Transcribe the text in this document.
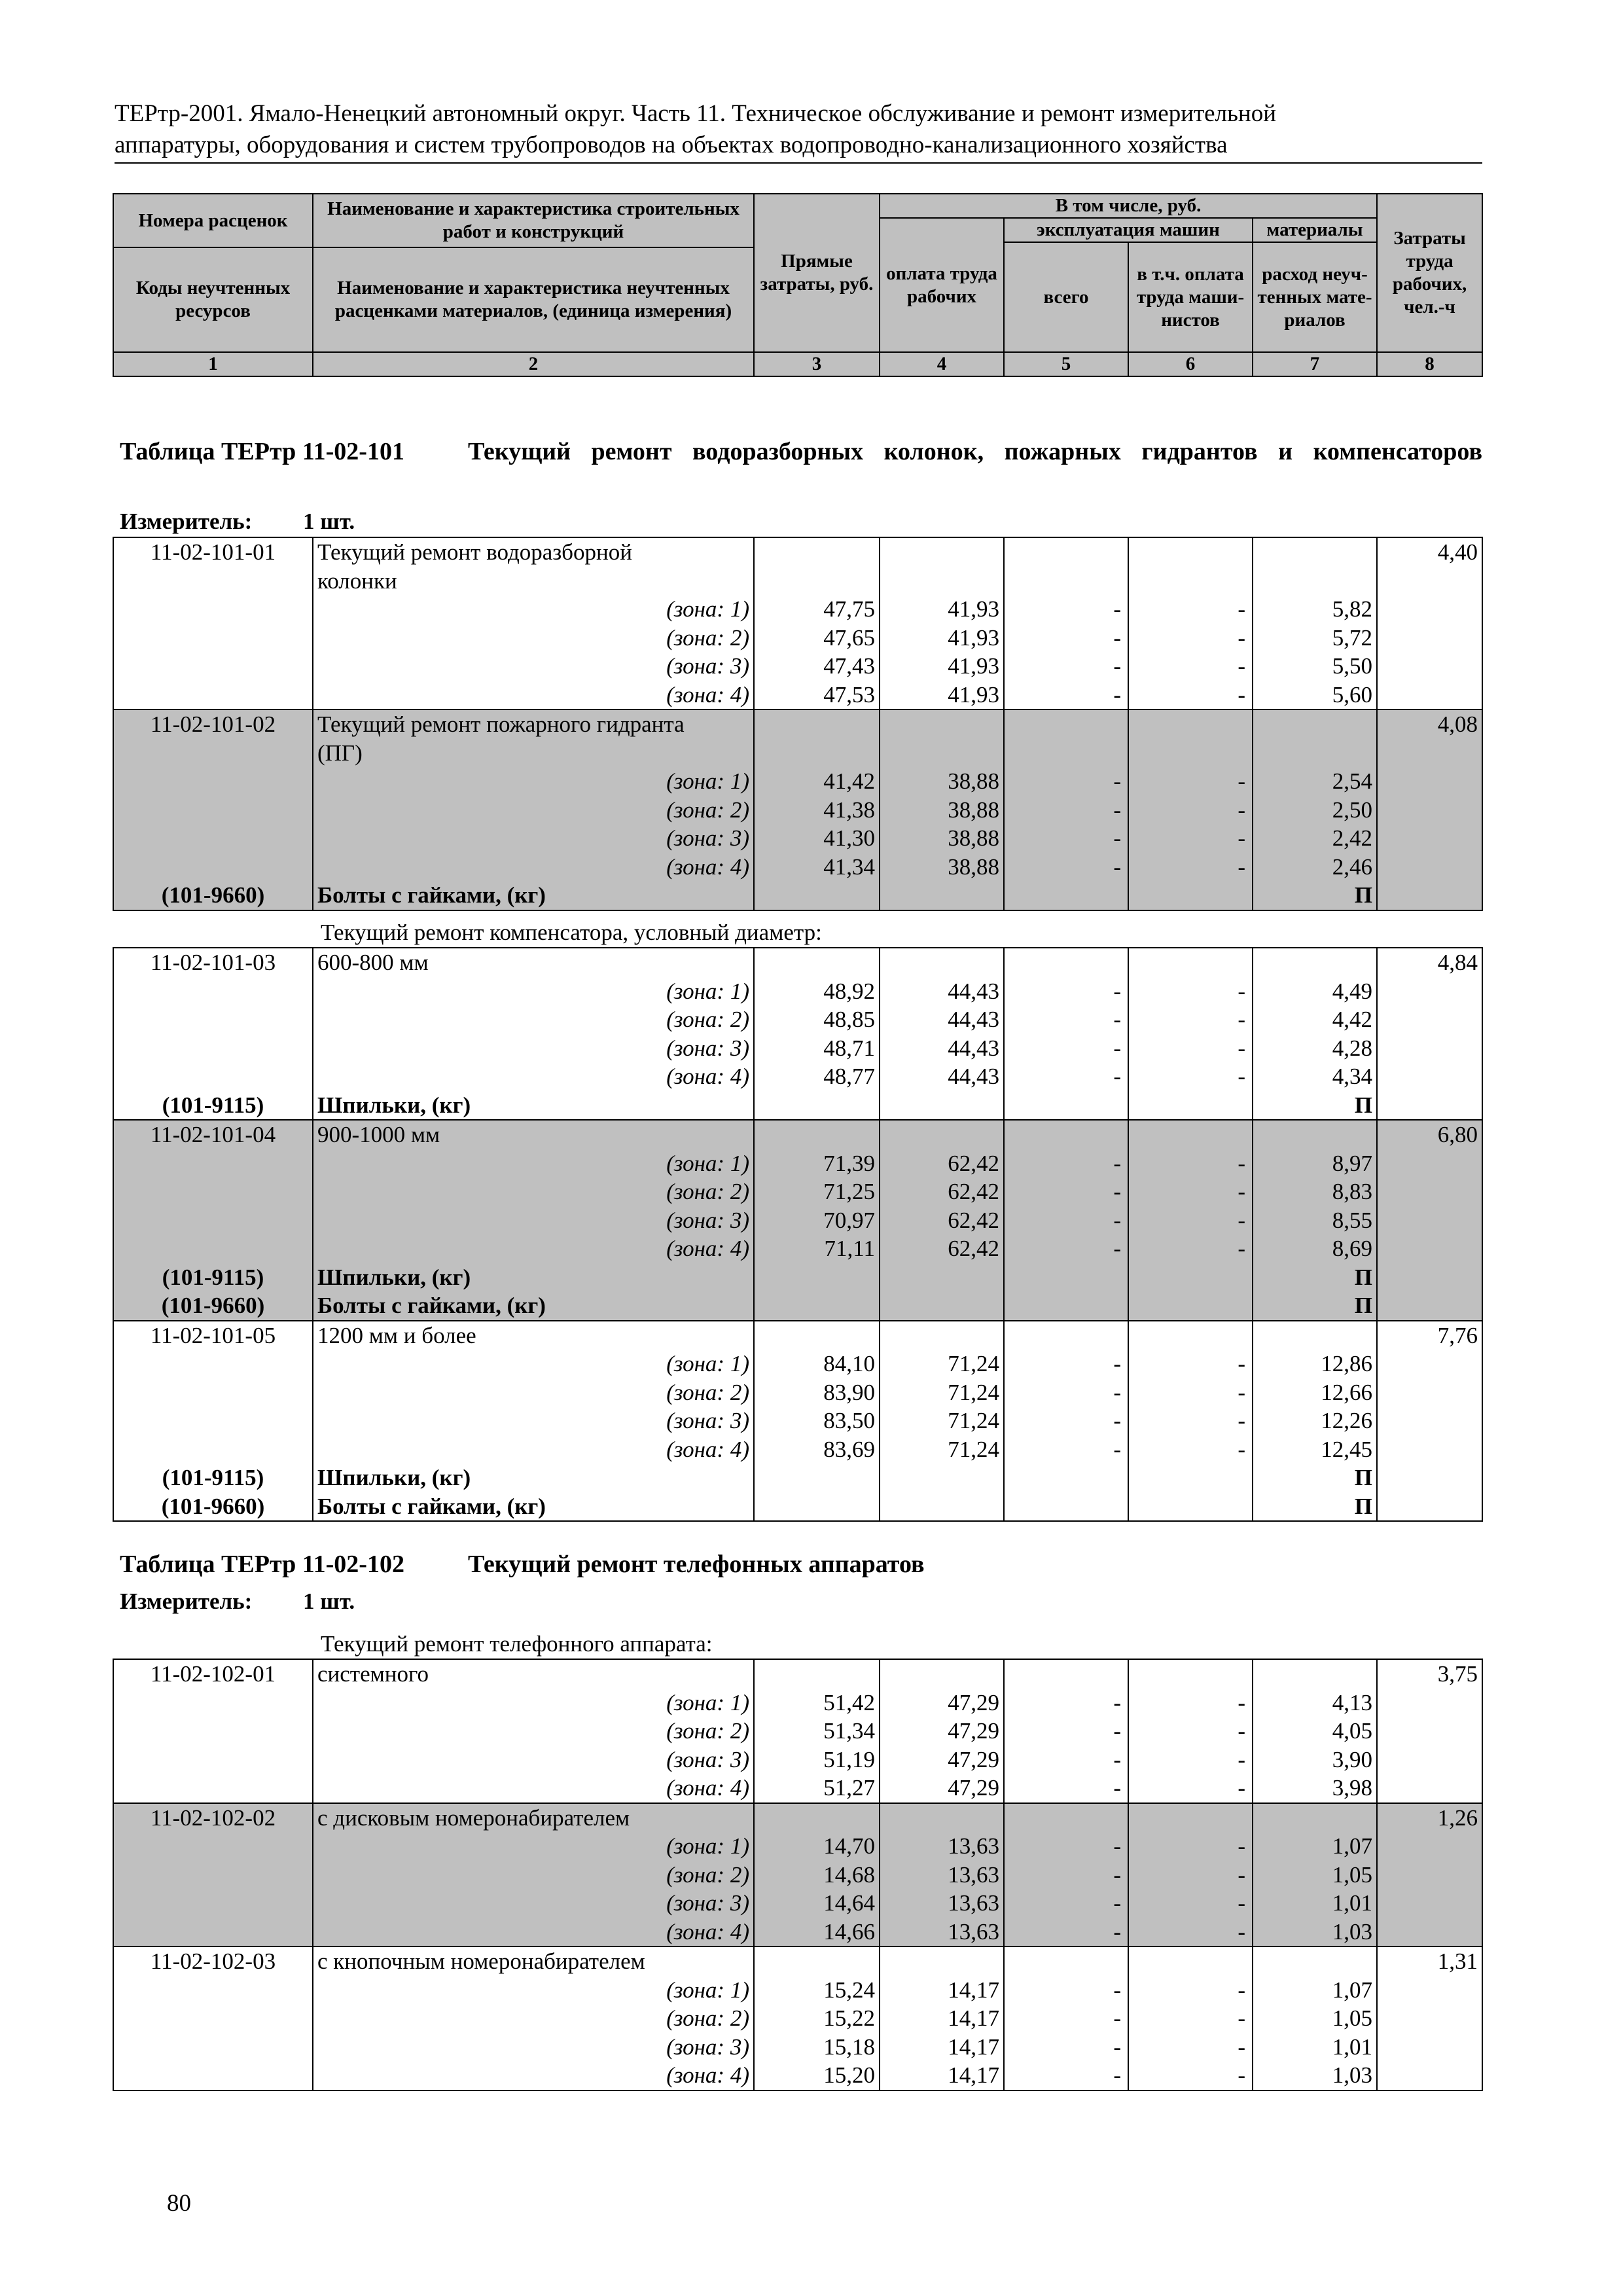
ТЕРтр-2001. Ямало-Ненецкий автономный округ. Часть 11. Техническое обслуживание и ремонт измерительной
аппаратуры, оборудования и систем трубопроводов на объектах водопроводно-канализационного хозяйства
Номера расценок	Наименование и характеристика строительных работ и конструкций	Прямые затраты, руб.	В том числе, руб.				Затраты труда рабочих, чел.-ч
			оплата труда рабочих	эксплуатация машин		материалы	
				всего	в т.ч. оплата труда маши-нистов	расход неуч-тенных мате-риалов	
Коды неучтенных ресурсов	Наименование и характеристика неучтенных расценками материалов, (единица измерения)						

1	2	3	4	5	6	7	8
Таблица ТЕРтр 11-02-101	Текущий ремонт водоразборных колонок, пожарных гидрантов и компенсаторов
Измеритель: 1 шт.
11-02-101-01	Текущий ремонт водоразборной						4,40
	колонки						
	(зона: 1)	47,75	41,93	-	-	5,82	
	(зона: 2)	47,65	41,93	-	-	5,72	
	(зона: 3)	47,43	41,93	-	-	5,50	
	(зона: 4)	47,53	41,93	-	-	5,60	
11-02-101-02	Текущий ремонт пожарного гидранта						4,08
	(ПГ)						
	(зона: 1)	41,42	38,88	-	-	2,54	
	(зона: 2)	41,38	38,88	-	-	2,50	
	(зона: 3)	41,30	38,88	-	-	2,42	
	(зона: 4)	41,34	38,88	-	-	2,46	
(101-9660)	Болты с гайками, (кг)					П	
Текущий ремонт компенсатора, условный диаметр:
11-02-101-03	600-800 мм						4,84
	(зона: 1)	48,92	44,43	-	-	4,49	
	(зона: 2)	48,85	44,43	-	-	4,42	
	(зона: 3)	48,71	44,43	-	-	4,28	
	(зона: 4)	48,77	44,43	-	-	4,34	
(101-9115)	Шпильки, (кг)					П	
11-02-101-04	900-1000 мм						6,80
	(зона: 1)	71,39	62,42	-	-	8,97	
	(зона: 2)	71,25	62,42	-	-	8,83	
	(зона: 3)	70,97	62,42	-	-	8,55	
	(зона: 4)	71,11	62,42	-	-	8,69	
(101-9115)	Шпильки, (кг)					П	
(101-9660)	Болты с гайками, (кг)					П	
11-02-101-05	1200 мм и более						7,76
	(зона: 1)	84,10	71,24	-	-	12,86	
	(зона: 2)	83,90	71,24	-	-	12,66	
	(зона: 3)	83,50	71,24	-	-	12,26	
	(зона: 4)	83,69	71,24	-	-	12,45	
(101-9115)	Шпильки, (кг)					П	
(101-9660)	Болты с гайками, (кг)					П	
Таблица ТЕРтр 11-02-102	Текущий ремонт телефонных аппаратов
Измеритель: 1 шт.
Текущий ремонт телефонного аппарата:
11-02-102-01	системного						3,75
	(зона: 1)	51,42	47,29	-	-	4,13	
	(зона: 2)	51,34	47,29	-	-	4,05	
	(зона: 3)	51,19	47,29	-	-	3,90	
	(зона: 4)	51,27	47,29	-	-	3,98	
11-02-102-02	с дисковым номеронабирателем						1,26
	(зона: 1)	14,70	13,63	-	-	1,07	
	(зона: 2)	14,68	13,63	-	-	1,05	
	(зона: 3)	14,64	13,63	-	-	1,01	
	(зона: 4)	14,66	13,63	-	-	1,03	
11-02-102-03	с кнопочным номеронабирателем						1,31
	(зона: 1)	15,24	14,17	-	-	1,07	
	(зона: 2)	15,22	14,17	-	-	1,05	
	(зона: 3)	15,18	14,17	-	-	1,01	
	(зона: 4)	15,20	14,17	-	-	1,03	
80
